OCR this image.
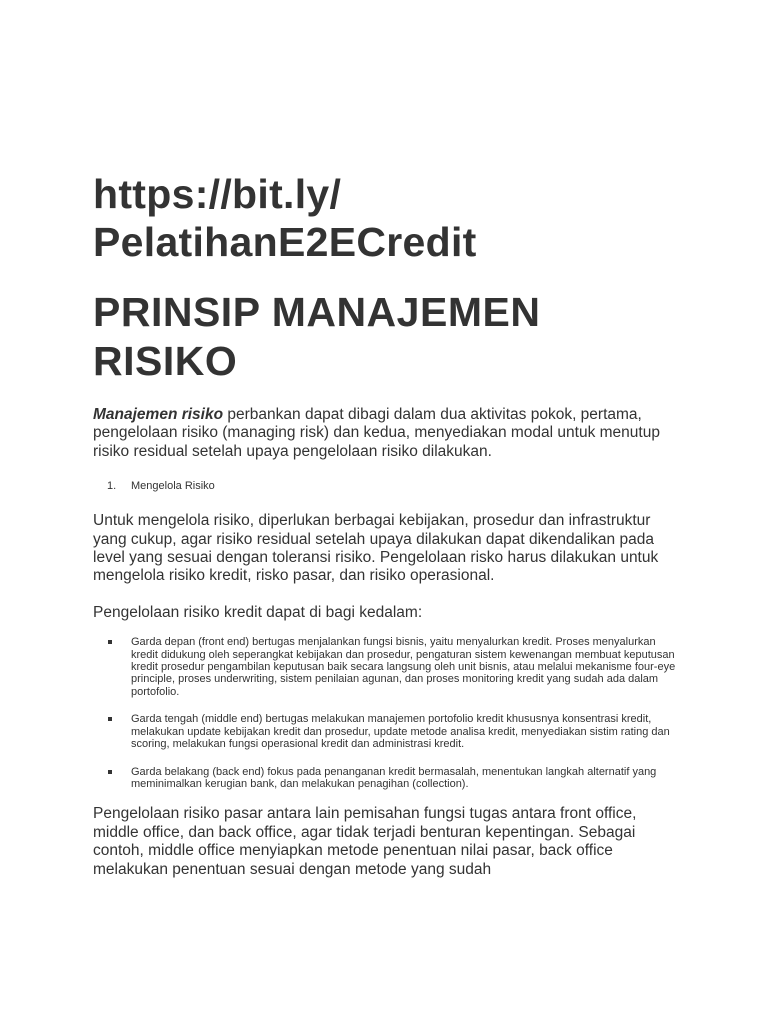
https://bit.ly/
PelatihanE2ECredit
PRINSIP MANAJEMEN
RISIKO

Manajemen risiko perbankan dapat dibagi dalam dua aktivitas pokok, pertama, pengelolaan risiko (managing risk) dan kedua, menyediakan modal untuk menutup risiko residual setelah upaya pengelolaan risiko dilakukan.

1. Mengelola Risiko

Untuk mengelola risiko, diperlukan berbagai kebijakan, prosedur dan infrastruktur yang cukup, agar risiko residual setelah upaya dilakukan dapat dikendalikan pada level yang sesuai dengan toleransi risiko. Pengelolaan risko harus dilakukan untuk mengelola risiko kredit, risko pasar, dan risiko operasional.

Pengelolaan risiko kredit dapat di bagi kedalam:

Garda depan (front end) bertugas menjalankan fungsi bisnis, yaitu menyalurkan kredit. Proses menyalurkan kredit didukung oleh seperangkat kebijakan dan prosedur, pengaturan sistem kewenangan membuat keputusan kredit prosedur pengambilan keputusan baik secara langsung oleh unit bisnis, atau melalui mekanisme four-eye principle, proses underwriting, sistem penilaian agunan, dan proses monitoring kredit yang sudah ada dalam portofolio.
Garda tengah (middle end) bertugas melakukan manajemen portofolio kredit khususnya konsentrasi kredit, melakukan update kebijakan kredit dan prosedur, update metode analisa kredit, menyediakan sistim rating dan scoring, melakukan fungsi operasional kredit dan administrasi kredit.
Garda belakang (back end) fokus pada penanganan kredit bermasalah, menentukan langkah alternatif yang meminimalkan kerugian bank, dan melakukan penagihan (collection).

Pengelolaan risiko pasar antara lain pemisahan fungsi tugas antara front office, middle office, dan back office, agar tidak terjadi benturan kepentingan. Sebagai contoh, middle office menyiapkan metode penentuan nilai pasar, back office melakukan penentuan sesuai dengan metode yang sudah
